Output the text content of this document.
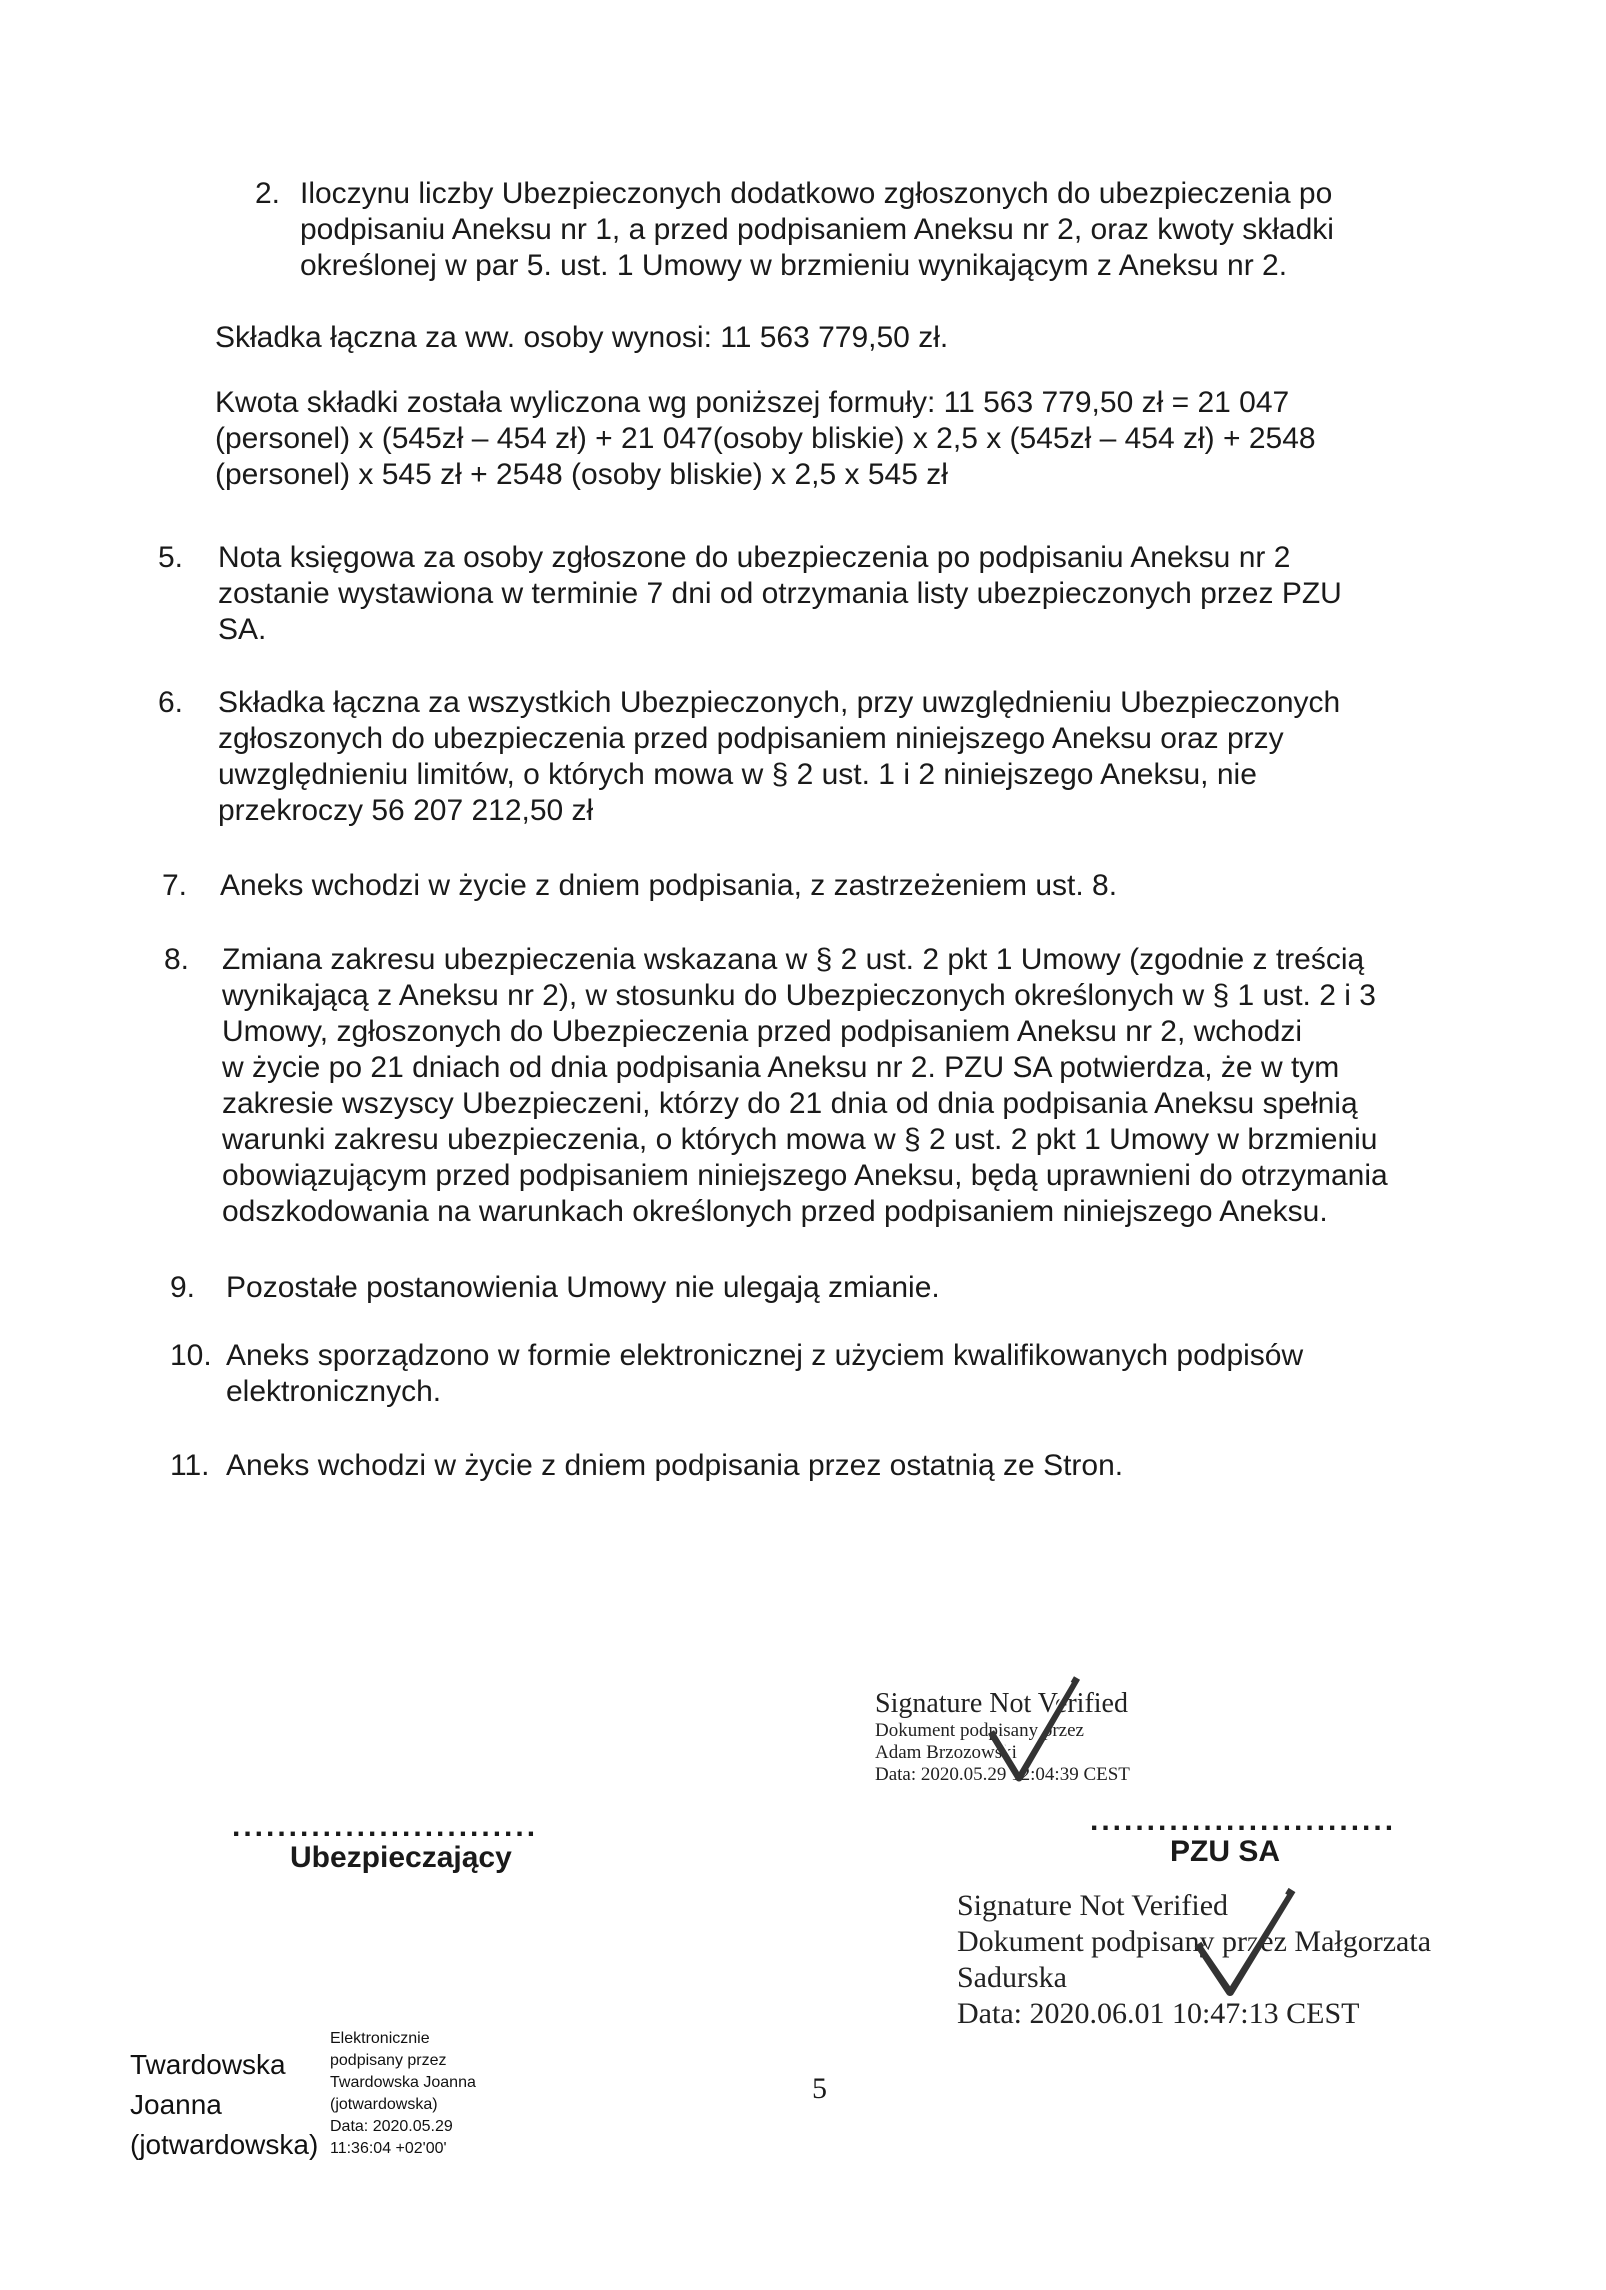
2. Iloczynu liczby Ubezpieczonych dodatkowo zgłoszonych do ubezpieczenia po
podpisaniu Aneksu nr 1, a przed podpisaniem Aneksu nr 2, oraz kwoty składki
określonej w par 5. ust. 1 Umowy w brzmieniu wynikającym z Aneksu nr 2.
Składka łączna za ww. osoby wynosi: 11 563 779,50 zł.
Kwota składki została wyliczona wg poniższej formuły: 11 563 779,50 zł = 21 047
(personel) x (545zł – 454 zł) + 21 047(osoby bliskie) x 2,5 x (545zł – 454 zł) + 2548
(personel) x 545 zł + 2548 (osoby bliskie) x 2,5 x 545 zł
5. Nota księgowa za osoby zgłoszone do ubezpieczenia po podpisaniu Aneksu nr 2
zostanie wystawiona w terminie 7 dni od otrzymania listy ubezpieczonych przez PZU
SA.
6. Składka łączna za wszystkich Ubezpieczonych, przy uwzględnieniu Ubezpieczonych
zgłoszonych do ubezpieczenia przed podpisaniem niniejszego Aneksu oraz przy
uwzględnieniu limitów, o których mowa w § 2 ust. 1 i 2 niniejszego Aneksu, nie
przekroczy 56 207 212,50 zł
7. Aneks wchodzi w życie z dniem podpisania, z zastrzeżeniem ust. 8.
8. Zmiana zakresu ubezpieczenia wskazana w § 2 ust. 2 pkt 1 Umowy (zgodnie z treścią
wynikającą z Aneksu nr 2), w stosunku do Ubezpieczonych określonych w § 1 ust. 2 i 3
Umowy, zgłoszonych do Ubezpieczenia przed podpisaniem Aneksu nr 2, wchodzi
w życie po 21 dniach od dnia podpisania Aneksu nr 2. PZU SA potwierdza, że w tym
zakresie wszyscy Ubezpieczeni, którzy do 21 dnia od dnia podpisania Aneksu spełnią
warunki zakresu ubezpieczenia, o których mowa w § 2 ust. 2 pkt 1 Umowy w brzmieniu
obowiązującym przed podpisaniem niniejszego Aneksu, będą uprawnieni do otrzymania
odszkodowania na warunkach określonych przed podpisaniem niniejszego Aneksu.
9. Pozostałe postanowienia Umowy nie ulegają zmianie.
10. Aneks sporządzono w formie elektronicznej z użyciem kwalifikowanych podpisów
elektronicznych.
11. Aneks wchodzi w życie z dniem podpisania przez ostatnią ze Stron.
Signature Not Verified
Dokument podpisany przez
Adam Brzozowski
Data: 2020.05.29 12:04:39 CEST
...........................	...........................
Ubezpieczający	PZU SA
Signature Not Verified
Dokument podpisany przez Małgorzata
Sadurska
Data: 2020.06.01 10:47:13 CEST
Twardowska
Joanna
(jotwardowska)
Elektronicznie
podpisany przez
Twardowska Joanna
(jotwardowska)
Data: 2020.05.29
11:36:04 +02'00'
5
